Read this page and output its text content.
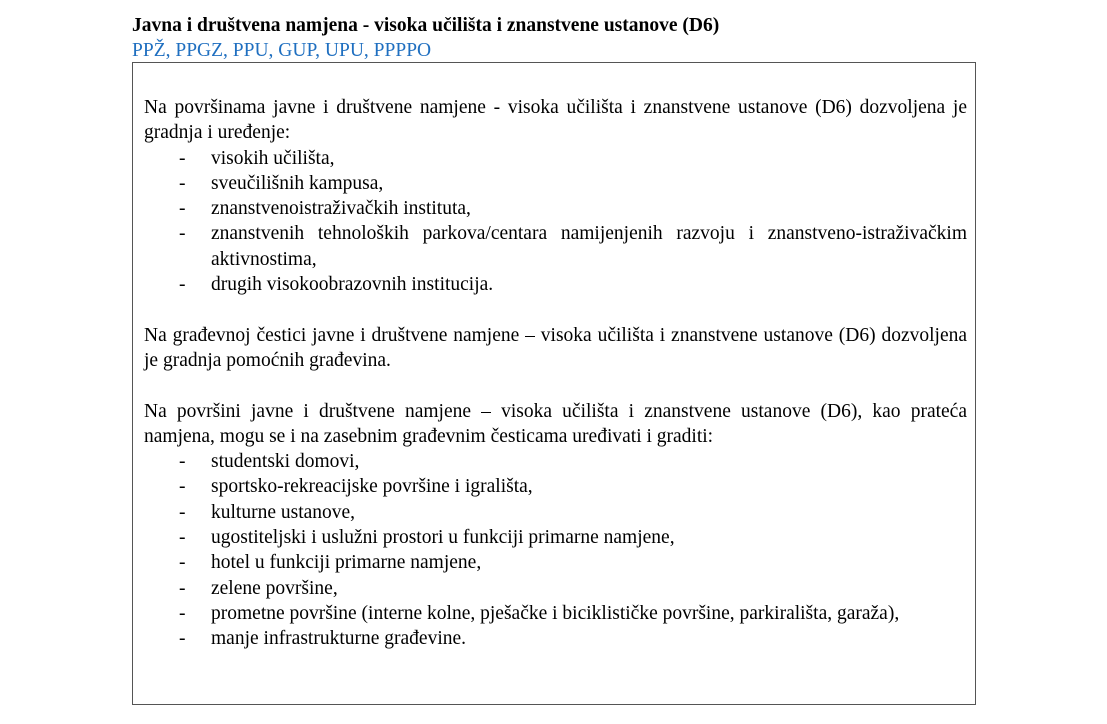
Javna i društvena namjena - visoka učilišta i znanstvene ustanove (D6)
PPŽ, PPGZ, PPU, GUP, UPU, PPPPO

Na površinama javne i društvene namjene - visoka učilišta i znanstvene ustanove (D6) dozvoljena je gradnja i uređenje:

- visokih učilišta,
- sveučilišnih kampusa,
- znanstvenoistraživačkih instituta,
- znanstvenih tehnoloških parkova/centara namijenjenih razvoju i znanstveno-istraživačkim aktivnostima,
- drugih visokoobrazovnih institucija.

Na građevnoj čestici javne i društvene namjene – visoka učilišta i znanstvene ustanove (D6) dozvoljena je gradnja pomoćnih građevina.

Na površini javne i društvene namjene – visoka učilišta i znanstvene ustanove (D6), kao prateća namjena, mogu se i na zasebnim građevnim česticama uređivati i graditi:

- studentski domovi,
- sportsko-rekreacijske površine i igrališta,
- kulturne ustanove,
- ugostiteljski i uslužni prostori u funkciji primarne namjene,
- hotel u funkciji primarne namjene,
- zelene površine,
- prometne površine (interne kolne, pješačke i biciklističke površine, parkirališta, garaža),
- manje infrastrukturne građevine.
